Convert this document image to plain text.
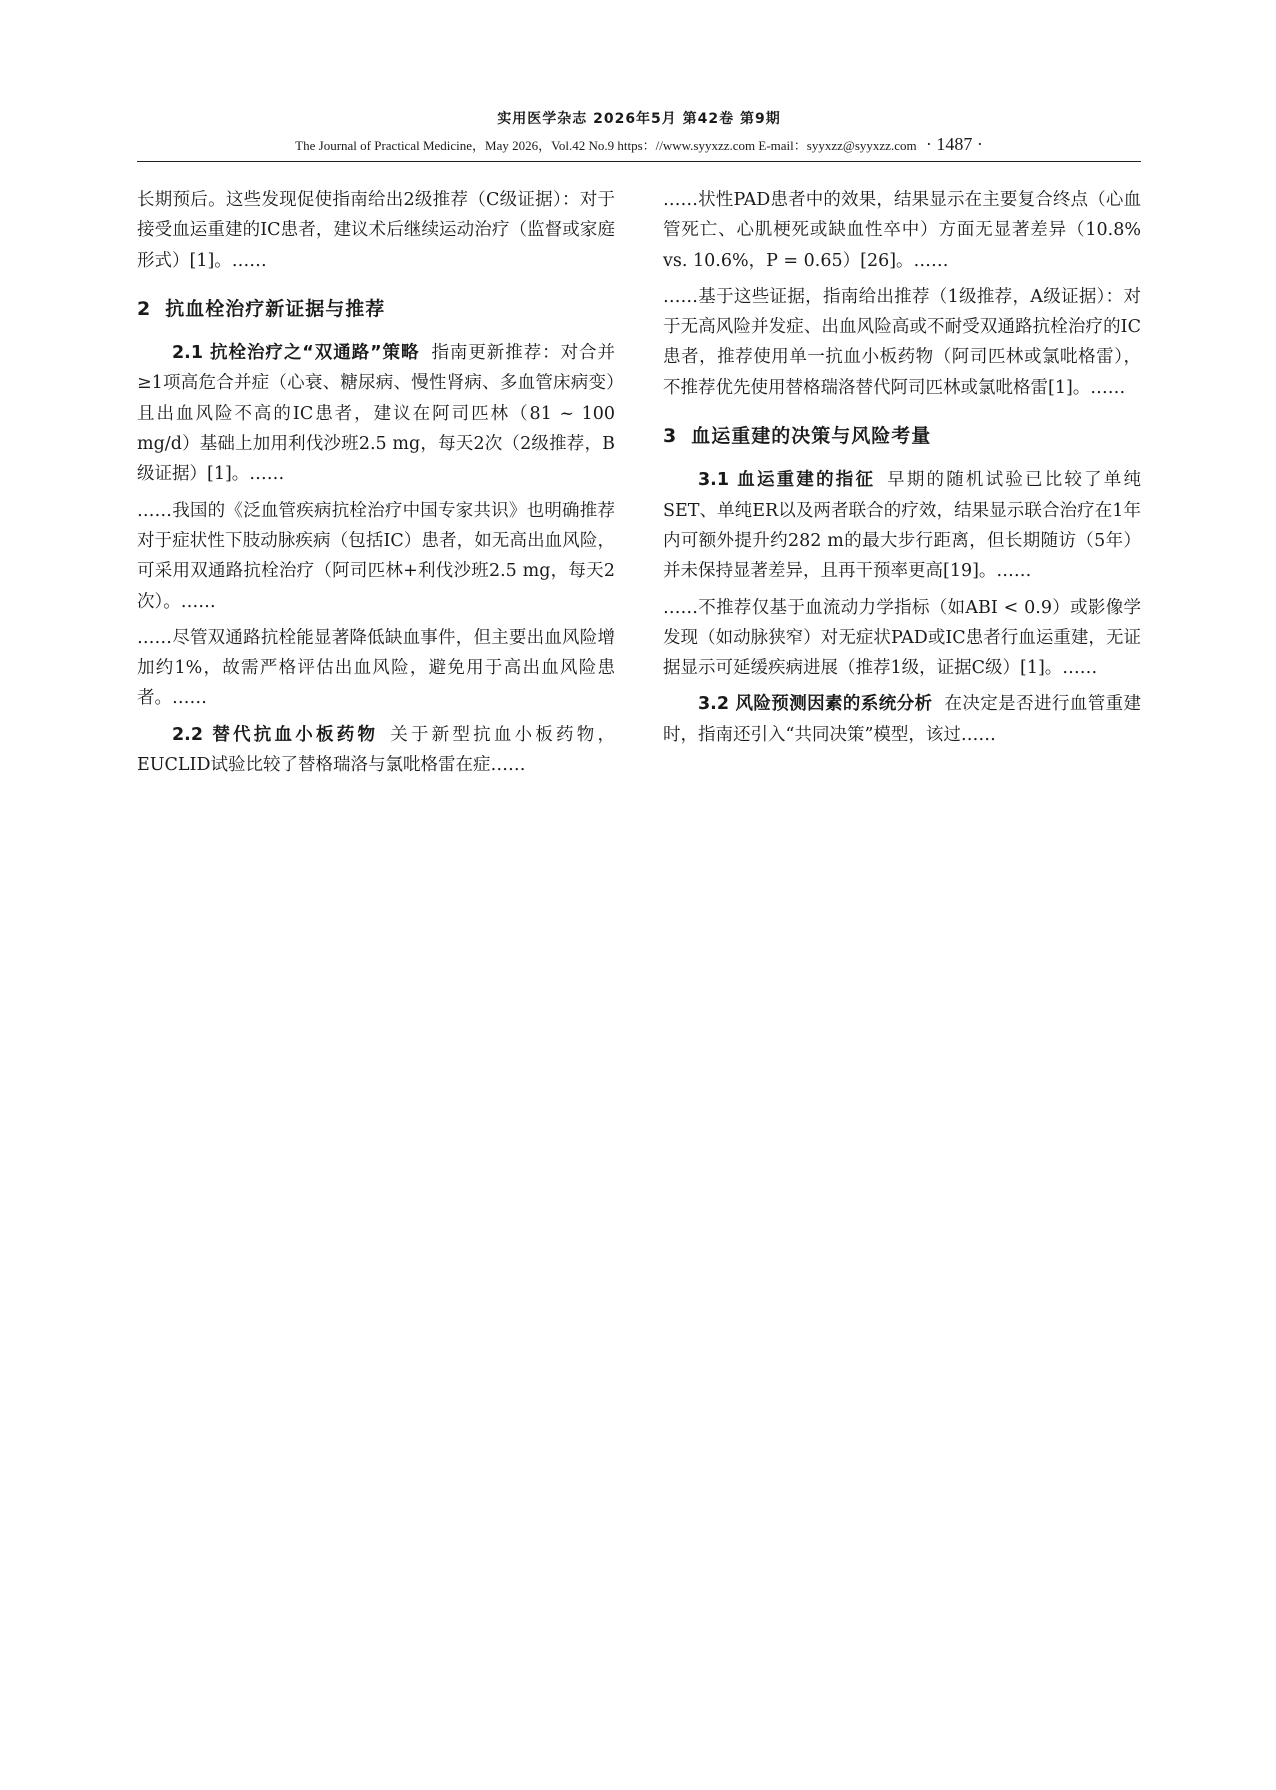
实用医学杂志 2026年5月 第42卷 第9期
The Journal of Practical Medicine，May 2026，Vol.42 No.9 https：//www.syyxzz.com E-mail：syyxzz@syyxzz.com · 1487 ·

长期预后。这些发现促使指南给出2级推荐（C级证据）：对于接受血运重建的IC患者，建议术后继续运动治疗（监督或家庭形式）[1]。……

2 抗血栓治疗新证据与推荐

2.1 抗栓治疗之“双通路”策略 指南更新推荐：对合并≥1项高危合并症（心衰、糖尿病、慢性肾病、多血管床病变）且出血风险不高的IC患者，建议在阿司匹林（81 ~ 100 mg/d）基础上加用利伐沙班2.5 mg，每天2次（2级推荐，B级证据）[1]。……

……我国的《泛血管疾病抗栓治疗中国专家共识》也明确推荐对于症状性下肢动脉疾病（包括IC）患者，如无高出血风险，可采用双通路抗栓治疗（阿司匹林+利伐沙班2.5 mg，每天2次）。……

……尽管双通路抗栓能显著降低缺血事件，但主要出血风险增加约1%，故需严格评估出血风险，避免用于高出血风险患者。……

2.2 替代抗血小板药物 关于新型抗血小板药物，EUCLID试验比较了替格瑞洛与氯吡格雷在症……

……状性PAD患者中的效果，结果显示在主要复合终点（心血管死亡、心肌梗死或缺血性卒中）方面无显著差异（10.8% vs. 10.6%，P = 0.65）[26]。……

……基于这些证据，指南给出推荐（1级推荐，A级证据）：对于无高风险并发症、出血风险高或不耐受双通路抗栓治疗的IC患者，推荐使用单一抗血小板药物（阿司匹林或氯吡格雷），不推荐优先使用替格瑞洛替代阿司匹林或氯吡格雷[1]。……

3 血运重建的决策与风险考量

3.1 血运重建的指征 早期的随机试验已比较了单纯SET、单纯ER以及两者联合的疗效，结果显示联合治疗在1年内可额外提升约282 m的最大步行距离，但长期随访（5年）并未保持显著差异，且再干预率更高[19]。……

……不推荐仅基于血流动力学指标（如ABI < 0.9）或影像学发现（如动脉狭窄）对无症状PAD或IC患者行血运重建，无证据显示可延缓疾病进展（推荐1级，证据C级）[1]。……

3.2 风险预测因素的系统分析 在决定是否进行血管重建时，指南还引入“共同决策”模型，该过……
